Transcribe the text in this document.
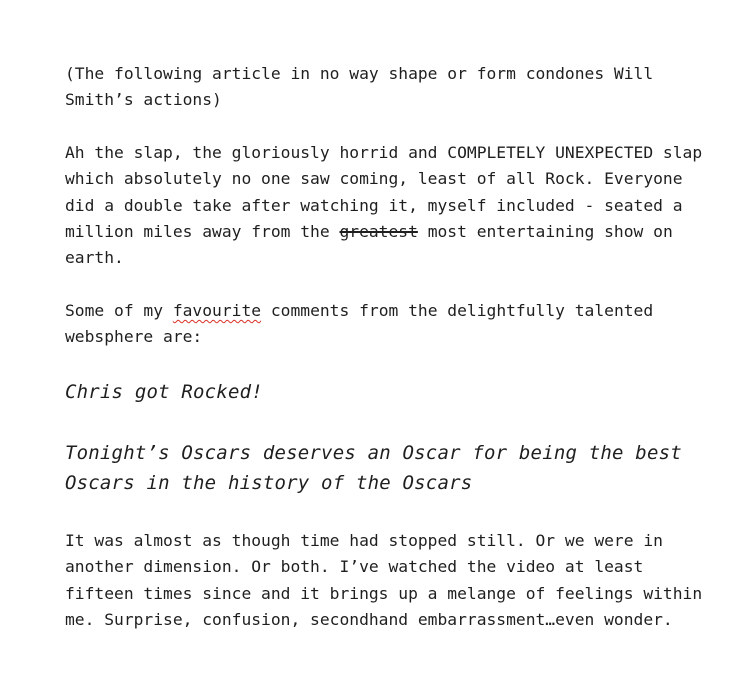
(The following article in no way shape or form condones Will Smith’s actions)

Ah the slap, the gloriously horrid and COMPLETELY UNEXPECTED slap which absolutely no one saw coming, least of all Rock. Everyone did a double take after watching it, myself included - seated a million miles away from the greatest most entertaining show on earth.

Some of my favourite comments from the delightfully talented websphere are:

Chris got Rocked!

Tonight’s Oscars deserves an Oscar for being the best Oscars in the history of the Oscars

It was almost as though time had stopped still. Or we were in another dimension. Or both. I’ve watched the video at least fifteen times since and it brings up a melange of feelings within me. Surprise, confusion, secondhand embarrassment…even wonder.
